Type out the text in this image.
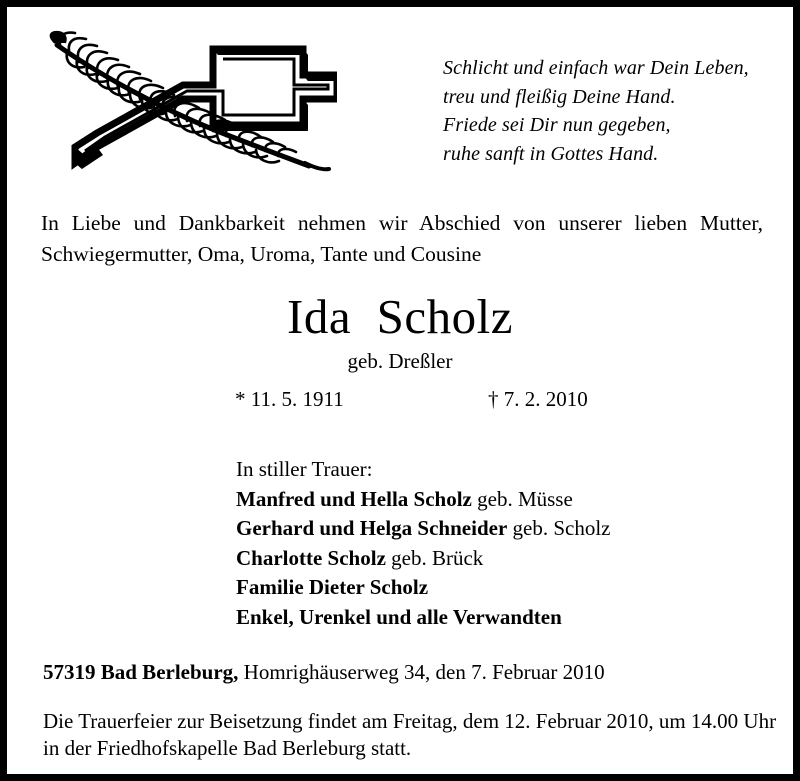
Schlicht und einfach war Dein Leben,
treu und fleißig Deine Hand.
Friede sei Dir nun gegeben,
ruhe sanft in Gottes Hand.
In Liebe und Dankbarkeit nehmen wir Abschied von unserer lieben Mutter,
Schwiegermutter, Oma, Uroma, Tante und Cousine
Ida  Scholz
geb. Dreßler
* 11. 5. 1911	† 7. 2. 2010
In stiller Trauer:
Manfred und Hella Scholz geb. Müsse
Gerhard und Helga Schneider geb. Scholz
Charlotte Scholz geb. Brück
Familie Dieter Scholz
Enkel, Urenkel und alle Verwandten
57319 Bad Berleburg, Homrighäuserweg 34, den 7. Februar 2010
Die Trauerfeier zur Beisetzung findet am Freitag, dem 12. Februar 2010, um 14.00 Uhr
in der Friedhofskapelle Bad Berleburg statt.
